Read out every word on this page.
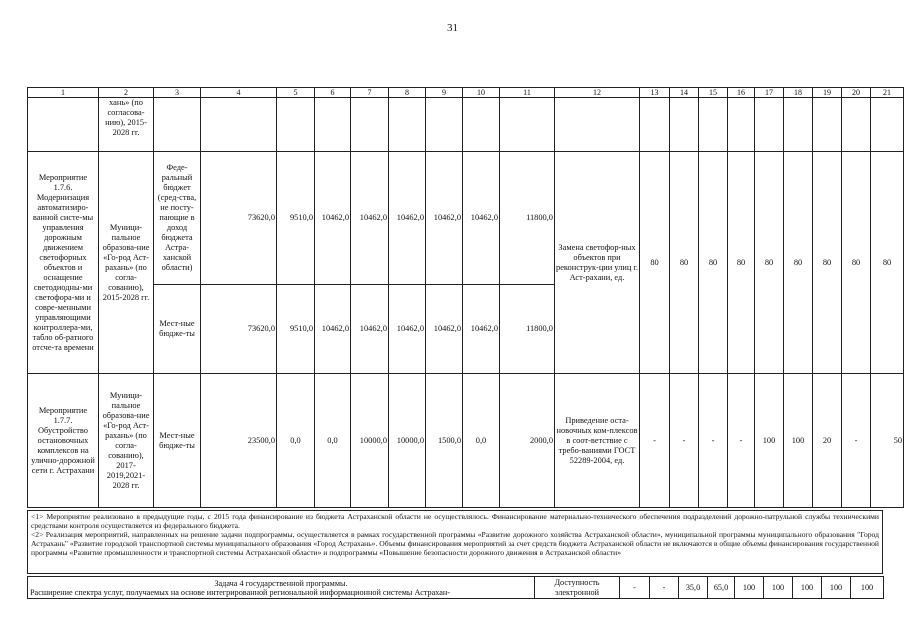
31
1	2	3	4	5	6	7	8	9	10	11	12	13	14	15	16	17	18	19	20	21
	хань» (по согласова-нию), 2015-2028 гг.																			
Мероприятие 1.7.6. Модернизация автоматизиро-ванной систе-мы управления дорожным движением светофорных объектов и оснащение светодиодны-ми светофора-ми и совре-менными управляющими контроллера-ми, табло об-ратного отсче-та времени	Муници-пальное образова-ние «Го-род Аст-рахань» (по согла-сованию), 2015-2028 гг.	Феде-ральный бюджет (сред-ства, не посту-пающие в доход бюджета Астра-ханской области)	73620,0	9510,0	10462,0	10462,0	10462,0	10462,0	10462,0	11800,0	Замена светофор-ных объектов при реконструк-ции улиц г. Аст-рахани, ед.	80	80	80	80	80	80	80	80	80
		Мест-ные бюдже-ты	73620,0	9510,0	10462,0	10462,0	10462,0	10462,0	10462,0	11800,0										
Мероприятие 1.7.7. Обустройство остановочных комплексов на улично-дорожной сети г. Астрахани	Муници-пальное образова-ние «Го-род Аст-рахань» (по согла-сованию), 2017-2019,2021-2028 гг.	Мест-ные бюдже-ты	23500,0	0,0	0,0	10000,0	10000,0	1500,0	0,0	2000,0	Приведение оста-новочных ком-плексов в соот-ветствие с требо-ваниями ГОСТ 52289-2004, ед.	-	-	-	-	100	100	20	-	50

<1> Мероприятие реализовано в предыдущие годы, с 2015 года финансирование из бюджета Астраханской области не осуществлялось. Финансирование материально-технического обеспечения подразделений дорожно-патрульной службы техническими средствами контроля осуществляется из федерального бюджета.

<2> Реализация мероприятий, направленных на решение задачи подпрограммы, осуществляется в рамках государственной программы «Развитие дорожного хозяйства Астраханской области», муниципальной программы муниципального образования "Город Астрахань" «Развитие городской транспортной системы муниципального образования «Город Астрахань». Объемы финансирования мероприятий за счет средств бюджета Астраханской области не включаются в общие объемы финансирования государственной программы «Развитие промышленности и транспортной системы Астраханской области» и подпрограммы «Повышение безопасности дорожного движения в Астраханской области»

Задача 4 государственной программы.
Расширение спектра услуг, получаемых на основе интегрированной региональной информационной системы Астрахан-
	Доступность электронной	-	-	35,0	65,0	100	100	100	100	100
